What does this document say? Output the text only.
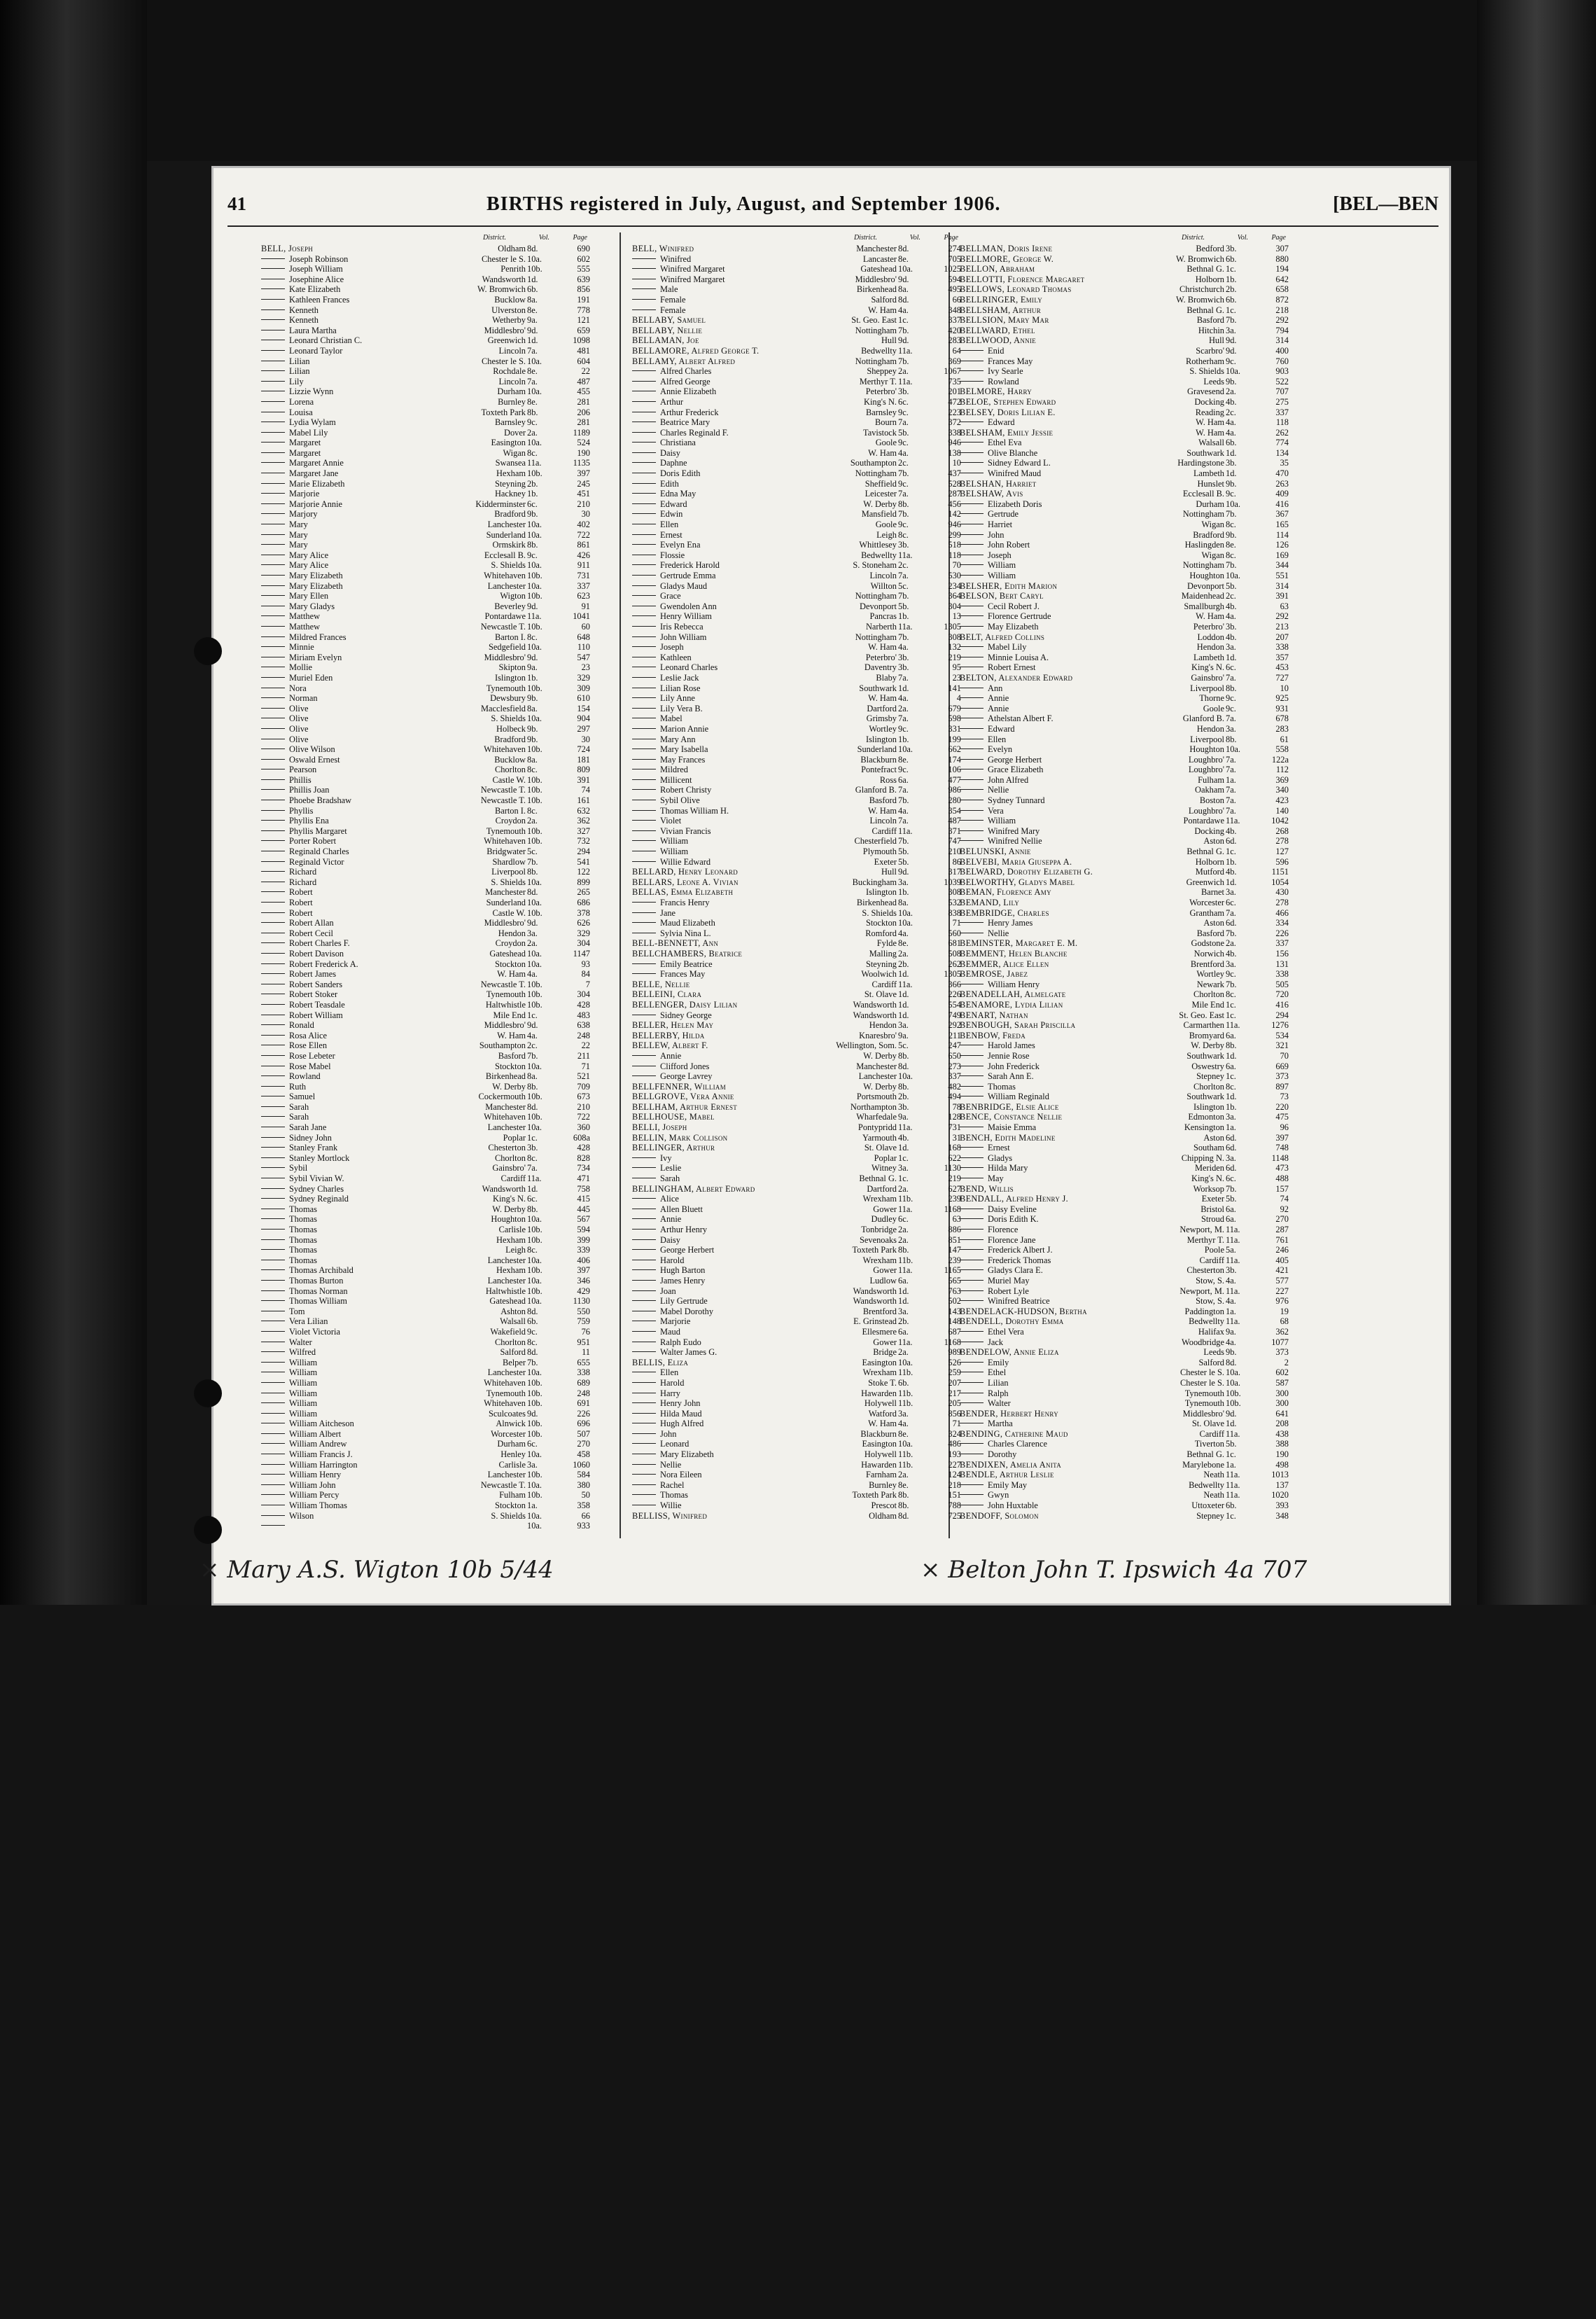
41	BIRTHS registered in July, August, and September 1906.	[BEL—BEN
District.	Vol.	Page
BELL, Joseph	Oldham 8d.	690
Joseph Robinson	Chester le S. 10a.	602
Joseph William	Penrith 10b.	555
Josephine Alice	Wandsworth 1d.	639
Kate Elizabeth	W. Bromwich 6b.	856
Kathleen Frances	Bucklow 8a.	191
Kenneth	Ulverston 8e.	778
Kenneth	Wetherby 9a.	121
Laura Martha	Middlesbro' 9d.	659
Leonard Christian C.	Greenwich 1d.	1098
Leonard Taylor	Lincoln 7a.	481
Lilian	Chester le S. 10a.	604
Lilian	Rochdale 8e.	22
Lily	Lincoln 7a.	487
Lizzie Wynn	Durham 10a.	455
Lorena	Burnley 8e.	281
Louisa	Toxteth Park 8b.	206
Lydia Wylam	Barnsley 9c.	281
Mabel Lily	Dover 2a.	1189
Margaret	Easington 10a.	524
Margaret	Wigan 8c.	190
Margaret Annie	Swansea 11a.	1135
Margaret Jane	Hexham 10b.	397
Marie Elizabeth	Steyning 2b.	245
Marjorie	Hackney 1b.	451
Marjorie Annie	Kidderminster 6c.	210
Marjory	Bradford 9b.	30
Mary	Lanchester 10a.	402
Mary	Sunderland 10a.	722
Mary	Ormskirk 8b.	861
Mary Alice	Ecclesall B. 9c.	426
Mary Alice	S. Shields 10a.	911
Mary Elizabeth	Whitehaven 10b.	731
Mary Elizabeth	Lanchester 10a.	337
Mary Ellen	Wigton 10b.	623
Mary Gladys	Beverley 9d.	91
Matthew	Pontardawe 11a.	1041
Matthew	Newcastle T. 10b.	60
Mildred Frances	Barton I. 8c.	648
Minnie	Sedgefield 10a.	110
Miriam Evelyn	Middlesbro' 9d.	547
Mollie	Skipton 9a.	23
Muriel Eden	Islington 1b.	329
Nora	Tynemouth 10b.	309
Norman	Dewsbury 9b.	610
Olive	Macclesfield 8a.	154
Olive	S. Shields 10a.	904
Olive	Holbeck 9b.	297
Olive	Bradford 9b.	30
Olive Wilson	Whitehaven 10b.	724
Oswald Ernest	Bucklow 8a.	181
Pearson	Chorlton 8c.	809
Phillis	Castle W. 10b.	391
Phillis Joan	Newcastle T. 10b.	74
Phoebe Bradshaw	Newcastle T. 10b.	161
Phyllis	Barton I. 8c.	632
Phyllis Ena	Croydon 2a.	362
Phyllis Margaret	Tynemouth 10b.	327
Porter Robert	Whitehaven 10b.	732
Reginald Charles	Bridgwater 5c.	294
Reginald Victor	Shardlow 7b.	541
Richard	Liverpool 8b.	122
Richard	S. Shields 10a.	899
Robert	Manchester 8d.	265
Robert	Sunderland 10a.	686
Robert	Castle W. 10b.	378
Robert Allan	Middlesbro' 9d.	626
Robert Cecil	Hendon 3a.	329
Robert Charles F.	Croydon 2a.	304
Robert Davison	Gateshead 10a.	1147
Robert Frederick A.	Stockton 10a.	93
Robert James	W. Ham 4a.	84
Robert Sanders	Newcastle T. 10b.	7
Robert Stoker	Tynemouth 10b.	304
Robert Teasdale	Haltwhistle 10b.	428
Robert William	Mile End 1c.	483
Ronald	Middlesbro' 9d.	638
Rosa Alice	W. Ham 4a.	248
Rose Ellen	Southampton 2c.	22
Rose Lebeter	Basford 7b.	211
Rose Mabel	Stockton 10a.	71
Rowland	Birkenhead 8a.	521
Ruth	W. Derby 8b.	709
Samuel	Cockermouth 10b.	673
Sarah	Manchester 8d.	210
Sarah	Whitehaven 10b.	722
Sarah Jane	Lanchester 10a.	360
Sidney John	Poplar 1c.	608a
Stanley Frank	Chesterton 3b.	428
Stanley Mortlock	Chorlton 8c.	828
Sybil	Gainsbro' 7a.	734
Sybil Vivian W.	Cardiff 11a.	471
Sydney Charles	Wandsworth 1d.	758
Sydney Reginald	King's N. 6c.	415
Thomas	W. Derby 8b.	445
Thomas	Houghton 10a.	567
Thomas	Carlisle 10b.	594
Thomas	Hexham 10b.	399
Thomas	Leigh 8c.	339
Thomas	Lanchester 10a.	406
Thomas Archibald	Hexham 10b.	397
Thomas Burton	Lanchester 10a.	346
Thomas Norman	Haltwhistle 10b.	429
Thomas William	Gateshead 10a.	1130
Tom	Ashton 8d.	550
Vera Lilian	Walsall 6b.	759
Violet Victoria	Wakefield 9c.	76
Walter	Chorlton 8c.	951
Wilfred	Salford 8d.	11
William	Belper 7b.	655
William	Lanchester 10a.	338
William	Whitehaven 10b.	689
William	Tynemouth 10b.	248
William	Whitehaven 10b.	691
William	Sculcoates 9d.	226
William Aitcheson	Alnwick 10b.	696
William Albert	Worcester 10b.	507
William Andrew	Durham 6c.	270
William Francis J.	Henley 10a.	458
William Harrington	Carlisle 3a.	1060
William Henry	Lanchester 10b.	584
William John	Newcastle T. 10a.	380
William Percy	Fulham 10b.	50
William Thomas	Stockton 1a.	358
Wilson	S. Shields 10a.	66
10a.	933
District.	Vol.	Page
BELL, Winifred	Manchester 8d.	274
Winifred	Lancaster 8e.	705
Winifred Margaret	Gateshead 10a.	1025
Winifred Margaret	Middlesbro' 9d.	594
Male	Birkenhead 8a.	495
Female	Salford 8d.	66
Female	W. Ham 4a.	348
BELLABY, Samuel	St. Geo. East 1c.	337
BELLABY, Nellie	Nottingham 7b.	420
BELLAMAN, Joe	Hull 9d.	283
BELLAMORE, Alfred George T.	Bedwellty 11a.	64
BELLAMY, Albert Alfred	Nottingham 7b.	369
Alfred Charles	Sheppey 2a.	1067
Alfred George	Merthyr T. 11a.	735
Annie Elizabeth	Peterbro' 3b.	201
Arthur	King's N. 6c.	472
Arthur Frederick	Barnsley 9c.	223
Beatrice Mary	Bourn 7a.	372
Charles Reginald F.	Tavistock 5b.	338
Christiana	Goole 9c.	946
Daisy	W. Ham 4a.	138
Daphne	Southampton 2c.	10
Doris Edith	Nottingham 7b.	437
Edith	Sheffield 9c.	528
Edna May	Leicester 7a.	287
Edward	W. Derby 8b.	456
Edwin	Mansfield 7b.	142
Ellen	Goole 9c.	946
Ernest	Leigh 8c.	299
Evelyn Ena	Whittlesey 3b.	518
Flossie	Bedwellty 11a.	118
Frederick Harold	S. Stoneham 2c.	70
Gertrude Emma	Lincoln 7a.	530
Gladys Maud	Willton 5c.	234
Grace	Nottingham 7b.	364
Gwendolen Ann	Devonport 5b.	304
Henry William	Pancras 1b.	13
Iris Rebecca	Narberth 11a.	1305
John William	Nottingham 7b.	308
Joseph	W. Ham 4a.	132
Kathleen	Peterbro' 3b.	219
Leonard Charles	Daventry 3b.	95
Leslie Jack	Blaby 7a.	23
Lilian Rose	Southwark 1d.	141
Lily Anne	W. Ham 4a.	4
Lily Vera B.	Dartford 2a.	679
Mabel	Grimsby 7a.	598
Marion Annie	Wortley 9c.	331
Mary Ann	Islington 1b.	199
Mary Isabella	Sunderland 10a.	662
May Frances	Blackburn 8e.	174
Mildred	Pontefract 9c.	106
Millicent	Ross 6a.	477
Robert Christy	Glanford B. 7a.	986
Sybil Olive	Basford 7b.	280
Thomas William H.	W. Ham 4a.	354
Violet	Lincoln 7a.	487
Vivian Francis	Cardiff 11a.	371
William	Chesterfield 7b.	747
William	Plymouth 5b.	210
Willie Edward	Exeter 5b.	86
BELLARD, Henry Leonard	Hull 9d.	317
BELLARS, Leone A. Vivian	Buckingham 3a.	1039
BELLAS, Emma Elizabeth	Islington 1b.	308
Francis Henry	Birkenhead 8a.	532
Jane	S. Shields 10a.	838
Maud Elizabeth	Stockton 10a.	71
Sylvia Nina L.	Romford 4a.	560
BELL-BENNETT, Ann	Fylde 8e.	681
BELLCHAMBERS, Beatrice	Malling 2a.	508
Emily Beatrice	Steyning 2b.	262
Frances May	Woolwich 1d.	1305
BELLE, Nellie	Cardiff 11a.	366
BELLEINI, Clara	St. Olave 1d.	226
BELLENGER, Daisy Lilian	Wandsworth 1d.	554
Sidney George	Wandsworth 1d.	749
BELLER, Helen May	Hendon 3a.	292
BELLERBY, Hilda	Knaresbro' 9a.	211
BELLEW, Albert F.	Wellington, Som. 5c.	247
Annie	W. Derby 8b.	650
Clifford Jones	Manchester 8d.	273
George Lavrey	Lanchester 10a.	337
BELLFENNER, William	W. Derby 8b.	482
BELLGROVE, Vera Annie	Portsmouth 2b.	494
BELLHAM, Arthur Ernest	Northampton 3b.	78
BELLHOUSE, Mabel	Wharfedale 9a.	128
BELLI, Joseph	Pontypridd 11a.	731
BELLIN, Mark Collison	Yarmouth 4b.	31
BELLINGER, Arthur	St. Olave 1d.	168
Ivy	Poplar 1c.	622
Leslie	Witney 3a.	1130
Sarah	Bethnal G. 1c.	219
BELLINGHAM, Albert Edward	Dartford 2a.	627
Alice	Wrexham 11b.	239
Allen Bluett	Gower 11a.	1168
Annie	Dudley 6c.	63
Arthur Henry	Tonbridge 2a.	886
Daisy	Sevenoaks 2a.	851
George Herbert	Toxteth Park 8b.	147
Harold	Wrexham 11b.	239
Hugh Barton	Gower 11a.	1165
James Henry	Ludlow 6a.	565
Joan	Wandsworth 1d.	763
Lily Gertrude	Wandsworth 1d.	502
Mabel Dorothy	Brentford 3a.	143
Marjorie	E. Grinstead 2b.	148
Maud	Ellesmere 6a.	687
Ralph Eudo	Gower 11a.	1168
Walter James G.	Bridge 2a.	989
BELLIS, Eliza	Easington 10a.	526
Ellen	Wrexham 11b.	259
Harold	Stoke T. 6b.	207
Harry	Hawarden 11b.	217
Henry John	Holywell 11b.	205
Hilda Maud	Watford 3a.	856
Hugh Alfred	W. Ham 4a.	71
John	Blackburn 8e.	324
Leonard	Easington 10a.	486
Mary Elizabeth	Holywell 11b.	193
Nellie	Hawarden 11b.	227
Nora Eileen	Farnham 2a.	124
Rachel	Burnley 8e.	218
Thomas	Toxteth Park 8b.	151
Willie	Prescot 8b.	788
BELLISS, Winifred	Oldham 8d.	725
District.	Vol.	Page
BELLMAN, Doris Irene	Bedford 3b.	307
BELLMORE, George W.	W. Bromwich 6b.	880
BELLON, Abraham	Bethnal G. 1c.	194
BELLOTTI, Florence Margaret	Holborn 1b.	642
BELLOWS, Leonard Thomas	Christchurch 2b.	658
BELLRINGER, Emily	W. Bromwich 6b.	872
BELLSHAM, Arthur	Bethnal G. 1c.	218
BELLSION, Mary Mar	Basford 7b.	292
BELLWARD, Ethel	Hitchin 3a.	794
BELLWOOD, Annie	Hull 9d.	314
Enid	Scarbro' 9d.	400
Frances May	Rotherham 9c.	760
Ivy Searle	S. Shields 10a.	903
Rowland	Leeds 9b.	522
BELMORE, Harry	Gravesend 2a.	707
BELOE, Stephen Edward	Docking 4b.	275
BELSEY, Doris Lilian E.	Reading 2c.	337
Edward	W. Ham 4a.	118
BELSHAM, Emily Jessie	W. Ham 4a.	262
Ethel Eva	Walsall 6b.	774
Olive Blanche	Southwark 1d.	134
Sidney Edward L.	Hardingstone 3b.	35
Winifred Maud	Lambeth 1d.	470
BELSHAN, Harriet	Hunslet 9b.	263
BELSHAW, Avis	Ecclesall B. 9c.	409
Elizabeth Doris	Durham 10a.	416
Gertrude	Nottingham 7b.	367
Harriet	Wigan 8c.	165
John	Bradford 9b.	114
John Robert	Haslingden 8e.	126
Joseph	Wigan 8c.	169
William	Nottingham 7b.	344
William	Houghton 10a.	551
BELSHER, Edith Marion	Devonport 5b.	314
BELSON, Bert Caryl	Maidenhead 2c.	391
Cecil Robert J.	Smallburgh 4b.	63
Florence Gertrude	W. Ham 4a.	292
May Elizabeth	Peterbro' 3b.	213
BELT, Alfred Collins	Loddon 4b.	207
Mabel Lily	Hendon 3a.	338
Minnie Louisa A.	Lambeth 1d.	357
Robert Ernest	King's N. 6c.	453
BELTON, Alexander Edward	Gainsbro' 7a.	727
Ann	Liverpool 8b.	10
Annie	Thorne 9c.	925
Annie	Goole 9c.	931
Athelstan Albert F.	Glanford B. 7a.	678
Edward	Hendon 3a.	283
Ellen	Liverpool 8b.	61
Evelyn	Houghton 10a.	558
George Herbert	Loughbro' 7a.	122a
Grace Elizabeth	Loughbro' 7a.	112
John Alfred	Fulham 1a.	369
Nellie	Oakham 7a.	340
Sydney Tunnard	Boston 7a.	423
Vera	Loughbro' 7a.	140
William	Pontardawe 11a.	1042
Winifred Mary	Docking 4b.	268
Winifred Nellie	Aston 6d.	278
BELUNSKI, Annie	Bethnal G. 1c.	127
BELVEBI, Maria Giuseppa A.	Holborn 1b.	596
BELWARD, Dorothy Elizabeth G.	Mutford 4b.	1151
BELWORTHY, Gladys Mabel	Greenwich 1d.	1054
BEMAN, Florence Amy	Barnet 3a.	430
BEMAND, Lily	Worcester 6c.	278
BEMBRIDGE, Charles	Grantham 7a.	466
Henry James	Aston 6d.	334
Nellie	Basford 7b.	226
BEMINSTER, Margaret E. M.	Godstone 2a.	337
BEMMENT, Helen Blanche	Norwich 4b.	156
BEMMER, Alice Ellen	Brentford 3a.	131
BEMROSE, Jabez	Wortley 9c.	338
William Henry	Newark 7b.	505
BENADELLAH, Almelgate	Chorlton 8c.	720
BENAMORE, Lydia Lilian	Mile End 1c.	416
BENART, Nathan	St. Geo. East 1c.	294
BENBOUGH, Sarah Priscilla	Carmarthen 11a.	1276
BENBOW, Freda	Bromyard 6a.	534
Harold James	W. Derby 8b.	321
Jennie Rose	Southwark 1d.	70
John Frederick	Oswestry 6a.	669
Sarah Ann E.	Stepney 1c.	373
Thomas	Chorlton 8c.	897
William Reginald	Southwark 1d.	73
BENBRIDGE, Elsie Alice	Islington 1b.	220
BENCE, Constance Nellie	Edmonton 3a.	475
Maisie Emma	Kensington 1a.	96
BENCH, Edith Madeline	Aston 6d.	397
Ernest	Southam 6d.	748
Gladys	Chipping N. 3a.	1148
Hilda Mary	Meriden 6d.	473
May	King's N. 6c.	488
BEND, Willis	Worksop 7b.	157
BENDALL, Alfred Henry J.	Exeter 5b.	74
Daisy Eveline	Bristol 6a.	92
Doris Edith K.	Stroud 6a.	270
Florence	Newport, M. 11a.	287
Florence Jane	Merthyr T. 11a.	761
Frederick Albert J.	Poole 5a.	246
Frederick Thomas	Cardiff 11a.	405
Gladys Clara E.	Chesterton 3b.	421
Muriel May	Stow, S. 4a.	577
Robert Lyle	Newport, M. 11a.	227
Winifred Beatrice	Stow, S. 4a.	976
BENDELACK-HUDSON, Bertha	Paddington 1a.	19
BENDELL, Dorothy Emma	Bedwellty 11a.	68
Ethel Vera	Halifax 9a.	362
Jack	Woodbridge 4a.	1077
BENDELOW, Annie Eliza	Leeds 9b.	373
Emily	Salford 8d.	2
Ethel	Chester le S. 10a.	602
Lilian	Chester le S. 10a.	587
Ralph	Tynemouth 10b.	300
Walter	Tynemouth 10b.	300
BENDER, Herbert Henry	Middlesbro' 9d.	641
Martha	St. Olave 1d.	208
BENDING, Catherine Maud	Cardiff 11a.	438
Charles Clarence	Tiverton 5b.	388
Dorothy	Bethnal G. 1c.	190
BENDIXEN, Amelia Anita	Marylebone 1a.	498
BENDLE, Arthur Leslie	Neath 11a.	1013
Emily May	Bedwellty 11a.	137
Gwyn	Neath 11a.	1020
John Huxtable	Uttoxeter 6b.	393
BENDOFF, Solomon	Stepney 1c.	348
× Mary A.S. Wigton 10b 5/44	× Belton John T. Ipswich 4a 707
